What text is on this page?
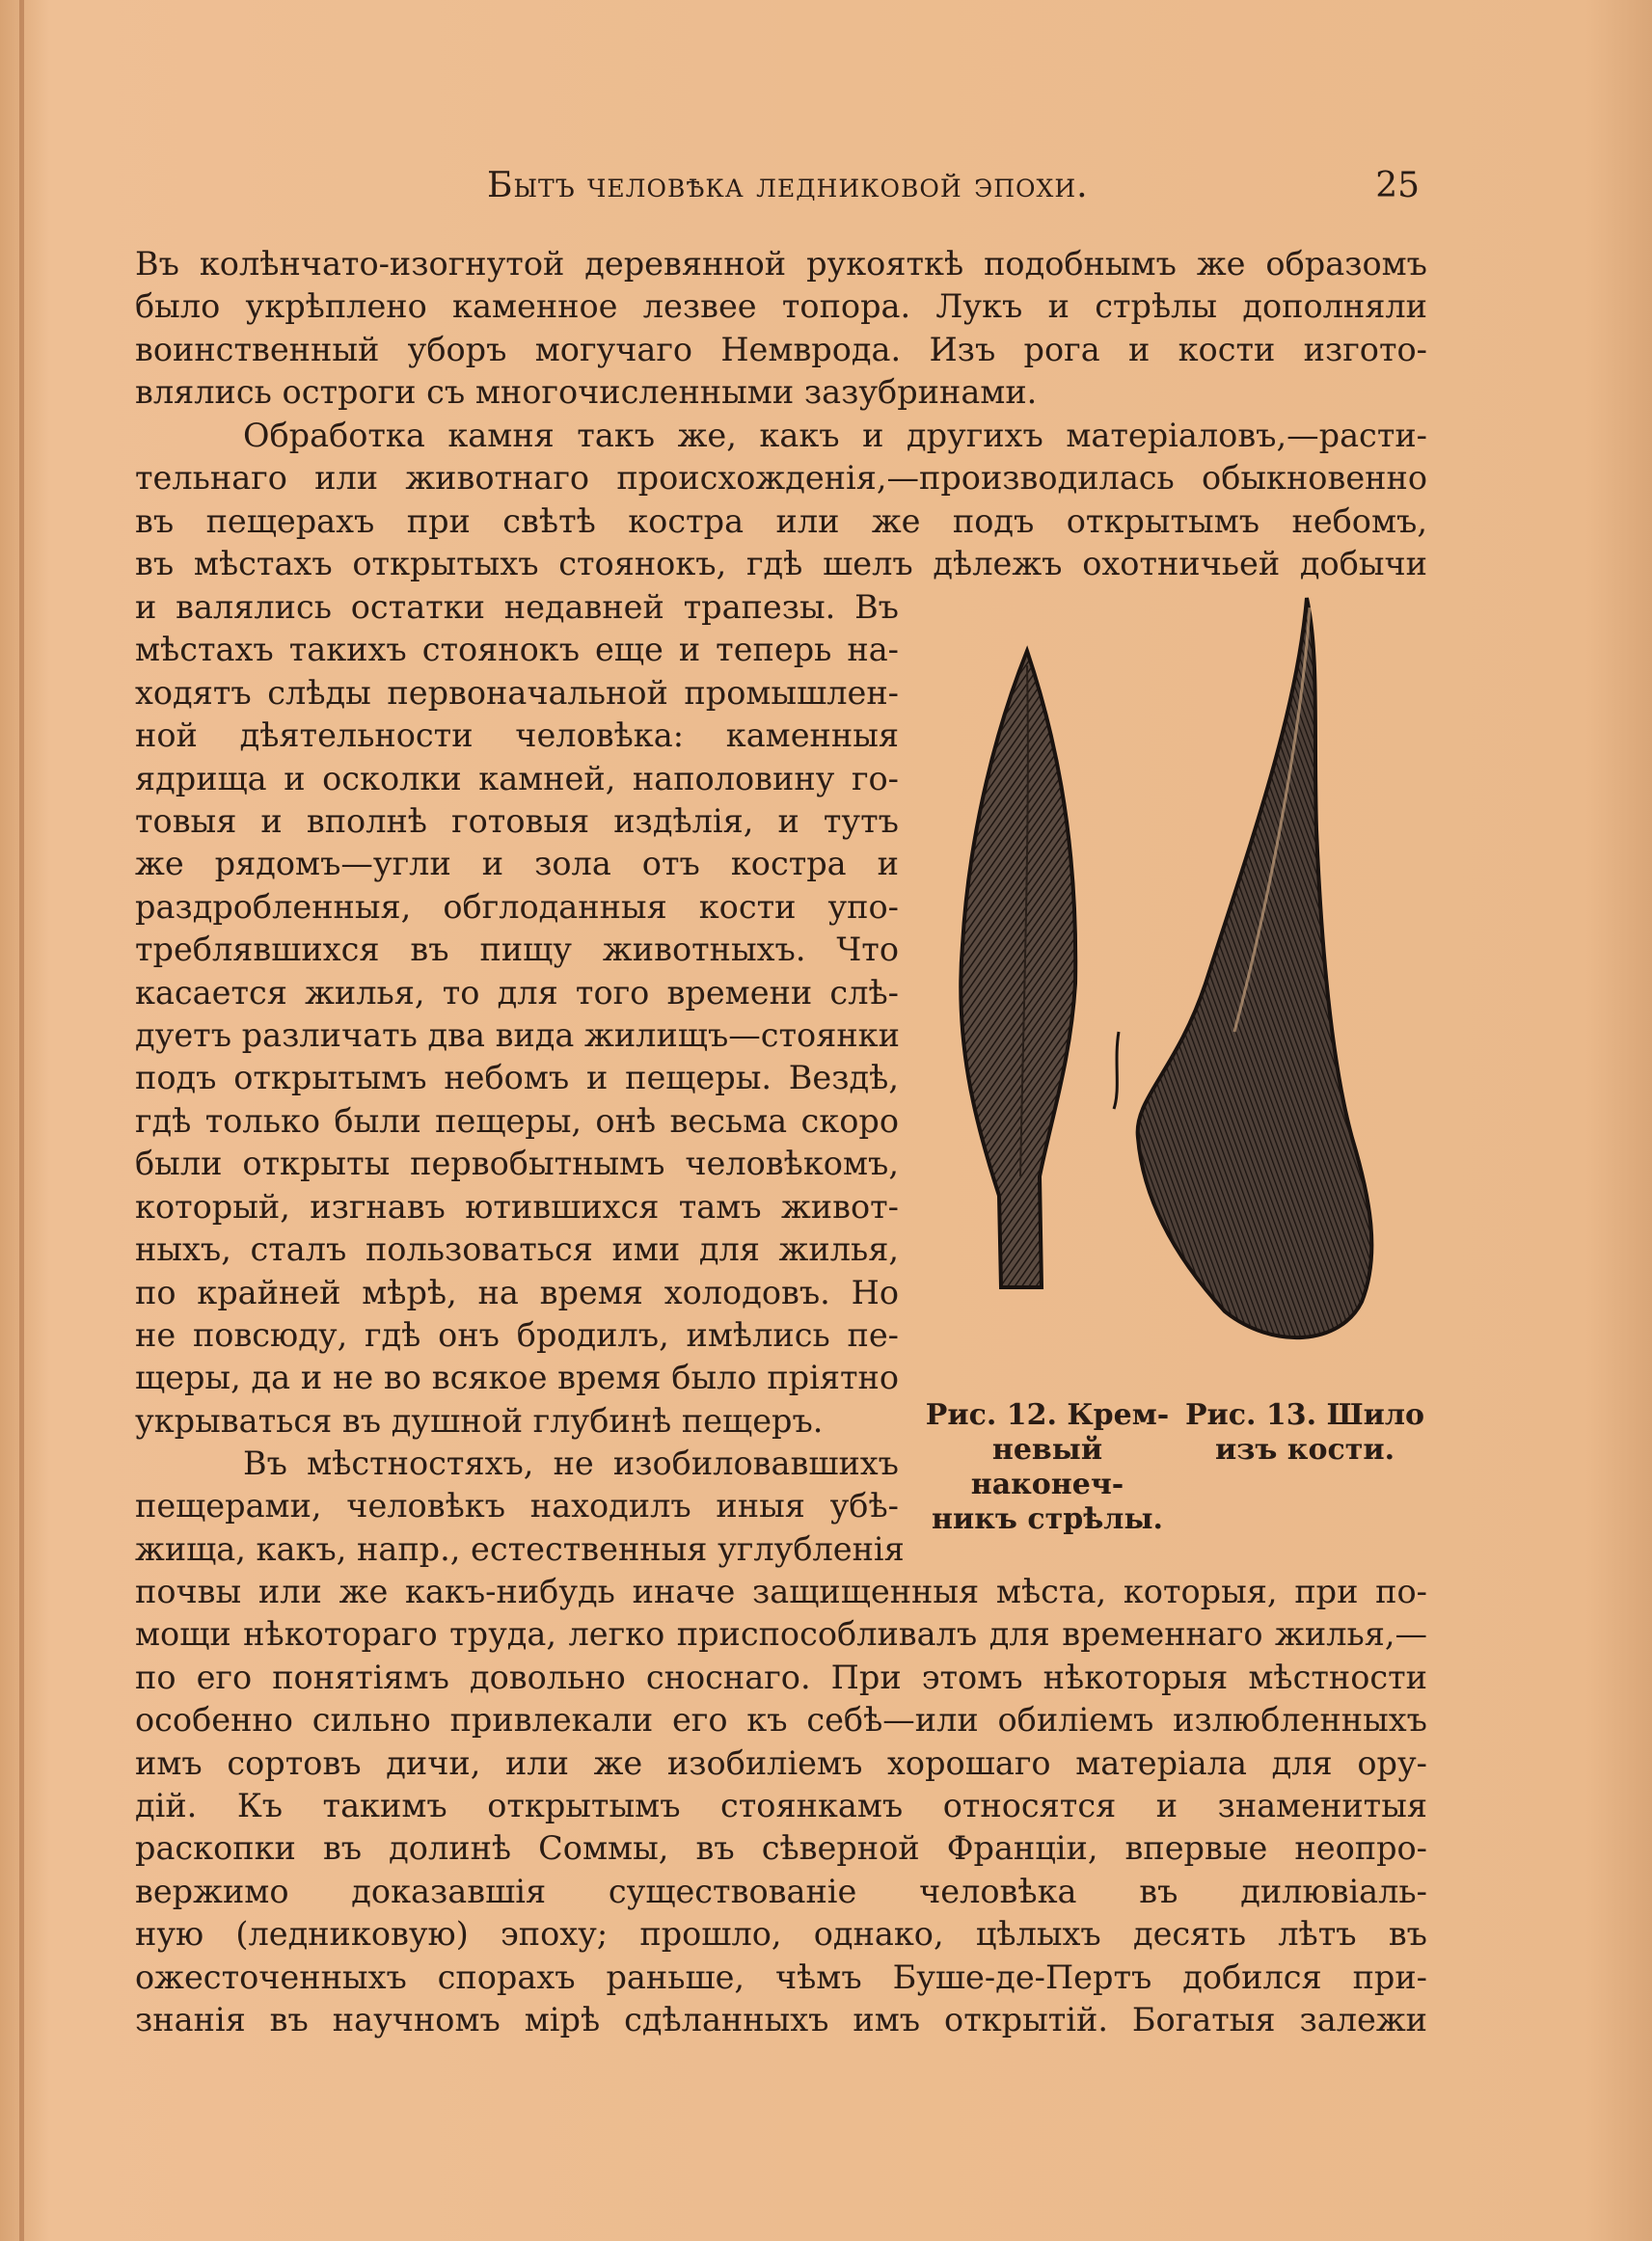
Бытъ человѣка ледниковой эпохи.	25
Въ колѣнчато-изогнутой деревянной рукояткѣ подобнымъ же образомъ
было укрѣплено каменное лезвее топора. Лукъ и стрѣлы дополняли
воинственный уборъ могучаго Немврода. Изъ рога и кости изгото-
влялись остроги съ многочисленными зазубринами.
Обработка камня такъ же, какъ и другихъ матеріаловъ,—расти-
тельнаго или животнаго происхожденія,—производилась обыкновенно
въ пещерахъ при свѣтѣ костра или же подъ открытымъ небомъ,
въ мѣстахъ открытыхъ стоянокъ, гдѣ шелъ дѣлежъ охотничьей добычи
и валялись остатки недавней трапезы. Въ
мѣстахъ такихъ стоянокъ еще и теперь на-
ходятъ слѣды первоначальной промышлен-
ной дѣятельности человѣка: каменныя
ядрища и осколки камней, наполовину го-
товыя и вполнѣ готовыя издѣлія, и тутъ
же рядомъ—угли и зола отъ костра и
раздробленныя, обглоданныя кости упо-
треблявшихся въ пищу животныхъ. Что
касается жилья, то для того времени слѣ-
дуетъ различать два вида жилищъ—стоянки
подъ открытымъ небомъ и пещеры. Вездѣ,
гдѣ только были пещеры, онѣ весьма скоро
были открыты первобытнымъ человѣкомъ,
который, изгнавъ ютившихся тамъ живот-
ныхъ, сталъ пользоваться ими для жилья,
по крайней мѣрѣ, на время холодовъ. Но
не повсюду, гдѣ онъ бродилъ, имѣлись пе-
щеры, да и не во всякое время было пріятно
укрываться въ душной глубинѣ пещеръ.
Въ мѣстностяхъ, не изобиловавшихъ
пещерами, человѣкъ находилъ иныя убѣ-
жища, какъ, напр., естественныя углубленія
почвы или же какъ-нибудь иначе защищенныя мѣста, которыя, при по-
мощи нѣкотораго труда, легко приспособливалъ для временнаго жилья,—
по его понятіямъ довольно сноснаго. При этомъ нѣкоторыя мѣстности
особенно сильно привлекали его къ себѣ—или обиліемъ излюбленныхъ
имъ сортовъ дичи, или же изобиліемъ хорошаго матеріала для ору-
дій. Къ такимъ открытымъ стоянкамъ относятся и знаменитыя
раскопки въ долинѣ Соммы, въ сѣверной Франціи, впервые неопро-
вержимо доказавшія существованіе человѣка въ дилювіаль-
ную (ледниковую) эпоху; прошло, однако, цѣлыхъ десять лѣтъ въ
ожесточенныхъ спорахъ раньше, чѣмъ Буше-де-Пертъ добился при-
знанія въ научномъ мірѣ сдѣланныхъ имъ открытій. Богатыя залежи
Рис. 12. Крем-
невый наконеч-
никъ стрѣлы.
Рис. 13. Шило
изъ кости.
